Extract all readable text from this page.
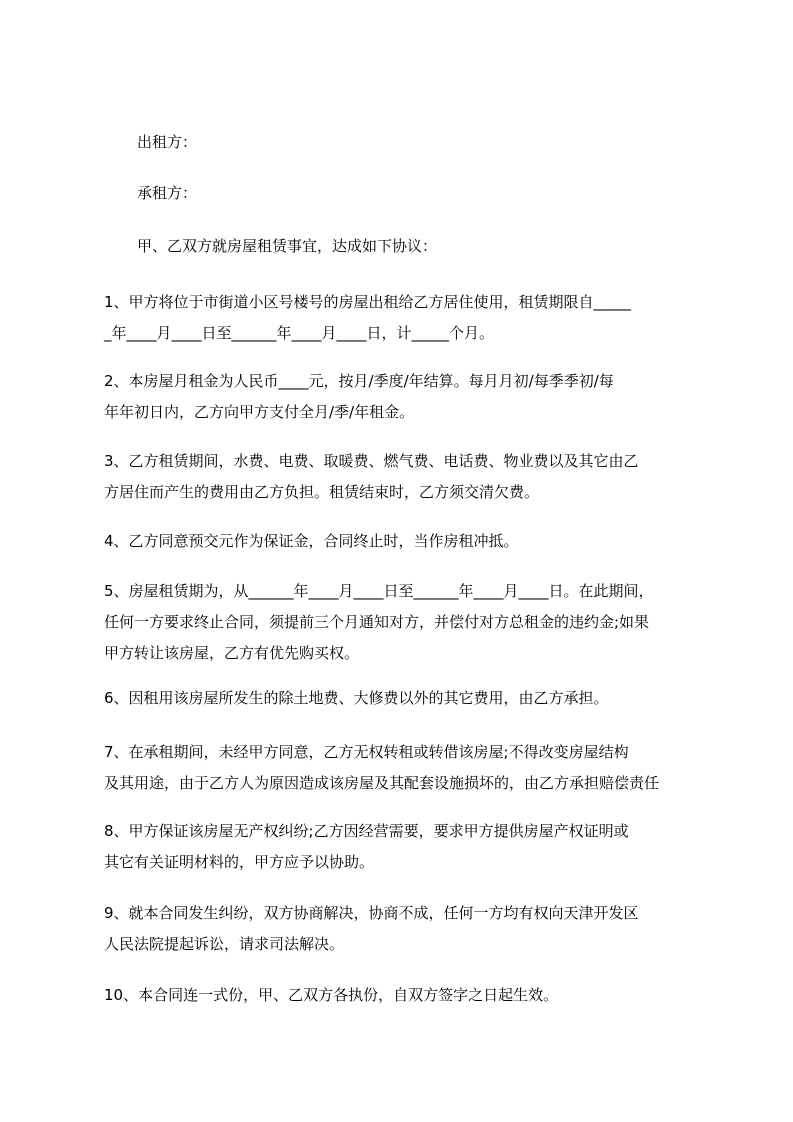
出租方：

承租方：

甲、乙双方就房屋租赁事宜，达成如下协议：

1、甲方将位于市街道小区号楼号的房屋出租给乙方居住使用，租赁期限自_____
_年____月____日至______年____月____日，计_____个月。

2、本房屋月租金为人民币____元，按月/季度/年结算。每月月初/每季季初/每
年年初日内，乙方向甲方支付全月/季/年租金。

3、乙方租赁期间，水费、电费、取暖费、燃气费、电话费、物业费以及其它由乙
方居住而产生的费用由乙方负担。租赁结束时，乙方须交清欠费。

4、乙方同意预交元作为保证金，合同终止时，当作房租冲抵。

5、房屋租赁期为，从______年____月____日至______年____月____日。在此期间，
任何一方要求终止合同，须提前三个月通知对方，并偿付对方总租金的违约金;如果
甲方转让该房屋，乙方有优先购买权。

6、因租用该房屋所发生的除土地费、大修费以外的其它费用，由乙方承担。

7、在承租期间，未经甲方同意，乙方无权转租或转借该房屋;不得改变房屋结构
及其用途，由于乙方人为原因造成该房屋及其配套设施损坏的，由乙方承担赔偿责任

8、甲方保证该房屋无产权纠纷;乙方因经营需要，要求甲方提供房屋产权证明或
其它有关证明材料的，甲方应予以协助。

9、就本合同发生纠纷，双方协商解决，协商不成，任何一方均有权向天津开发区
人民法院提起诉讼，请求司法解决。

10、本合同连一式份，甲、乙双方各执份，自双方签字之日起生效。
